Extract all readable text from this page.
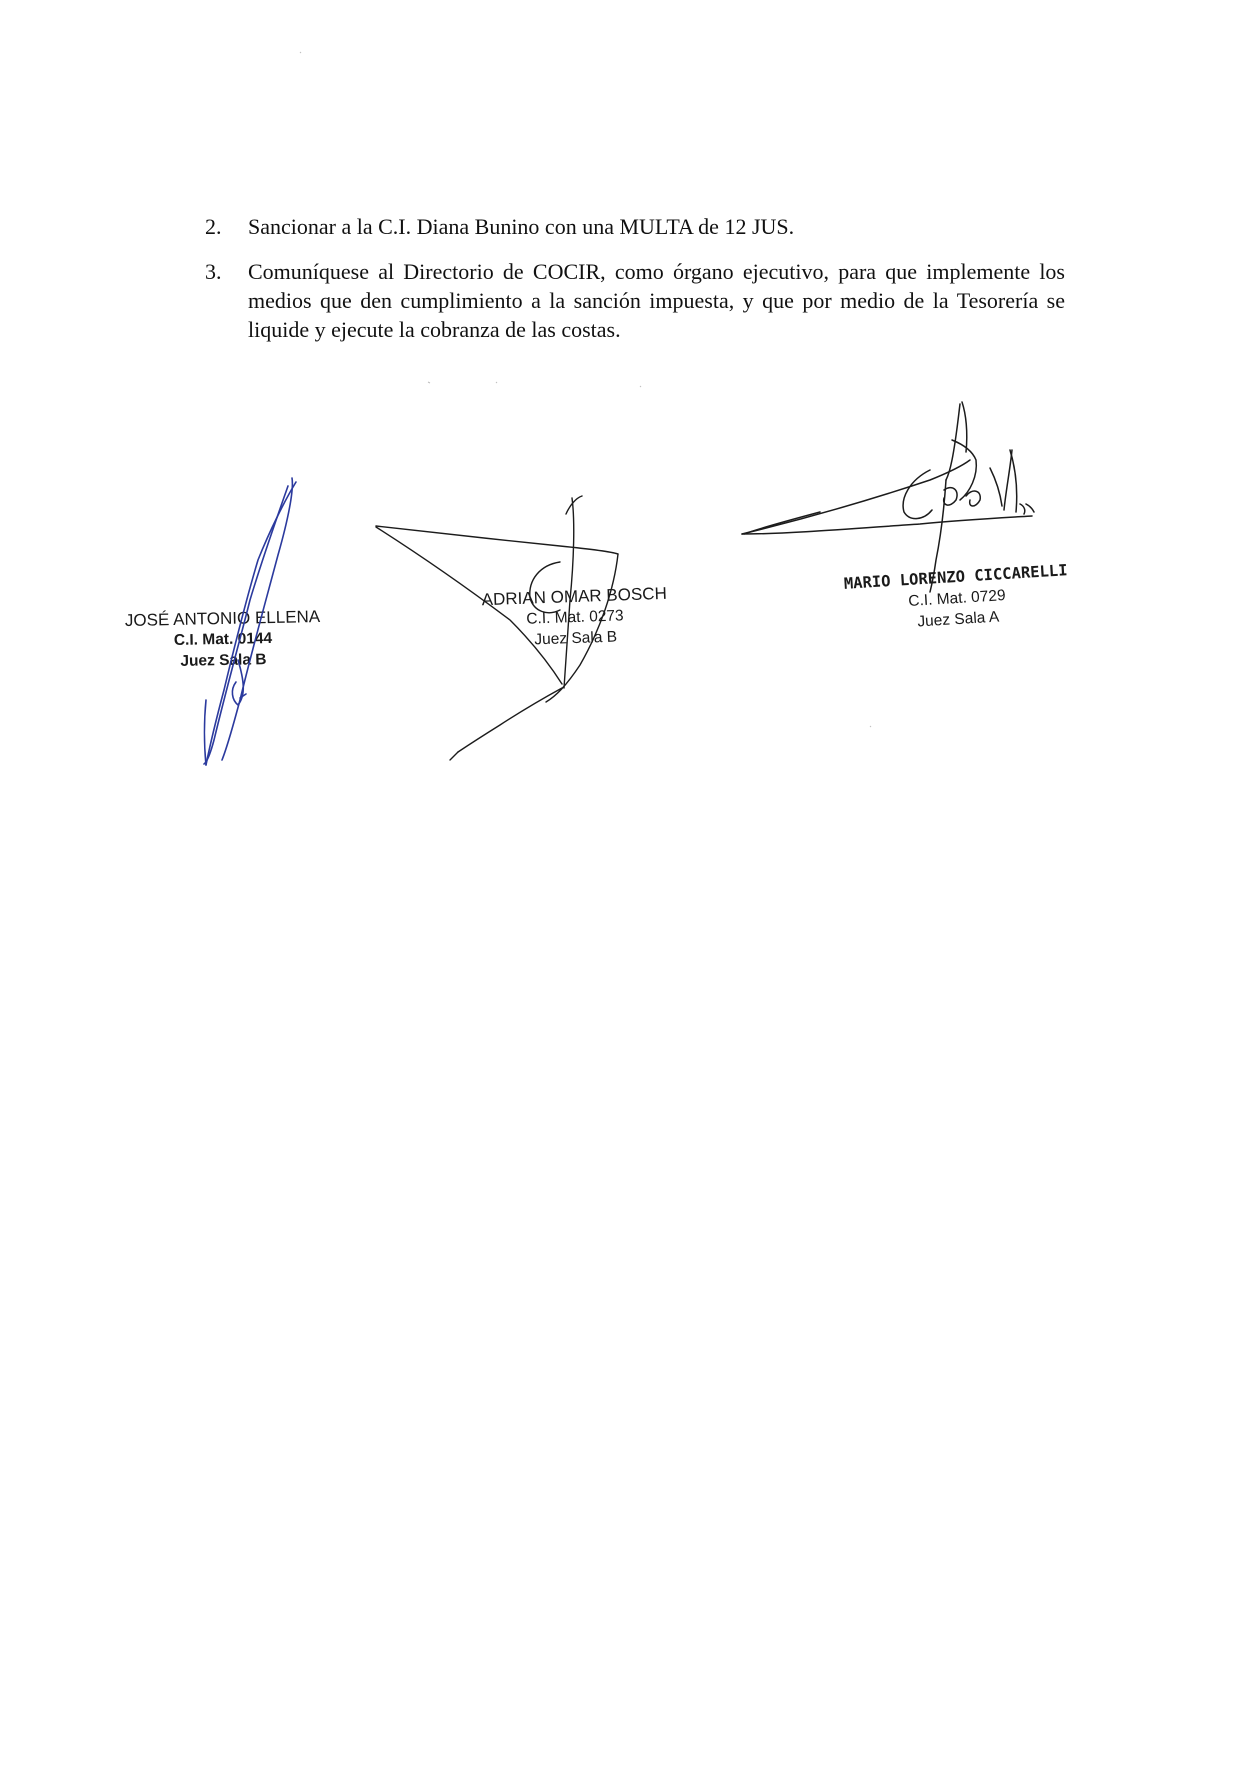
2.	Sancionar a la C.I. Diana Bunino con una MULTA de 12 JUS.
3.	Comuníquese al Directorio de COCIR, como órgano ejecutivo, para que implemente los medios que den cumplimiento a la sanción impuesta, y que por medio de la Tesorería se liquide y ejecute la cobranza de las costas.
JOSÉ ANTONIO ELLENA
C.I. Mat. 0144
Juez Sala B
ADRIAN OMAR BOSCH
C.I. Mat. 0273
Juez Sala B
MARIO LORENZO CICCARELLI
C.I. Mat. 0729
Juez Sala A
